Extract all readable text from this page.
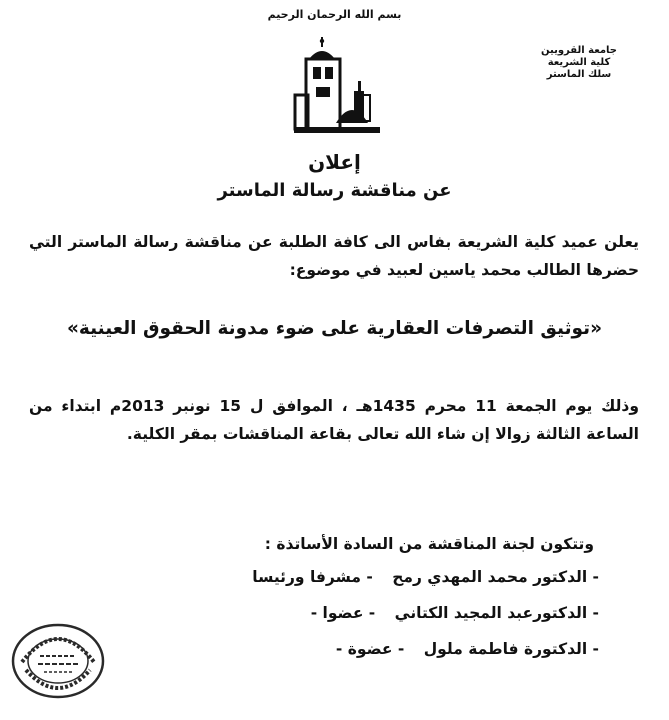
بسم الله الرحمان الرحيم
جامعة القرويين
كلية الشريعة
سلك الماستر
إعلان
عن مناقشة رسالة الماستر
يعلن عميد كلية الشريعة بفاس الى كافة الطلبة عن مناقشة رسالة الماستر التي حضرها الطالب محمد ياسين لعبيد في موضوع:
«توثيق التصرفات العقارية على ضوء مدونة الحقوق العينية»
وذلك يوم الجمعة 11 محرم 1435هـ ، الموافق ل 15 نونبر 2013م ابتداء من الساعة الثالثة زوالا إن شاء الله تعالى بقاعة المناقشات بمقر الكلية.
وتتكون لجنة المناقشة من السادة الأساتذة :
- الدكتور محمد المهدي رمح - مشرفا ورئيسا
- الدكتورعبد المجيد الكتاني - عضوا -
- الدكتورة فاطمة ملول - عضوة -
